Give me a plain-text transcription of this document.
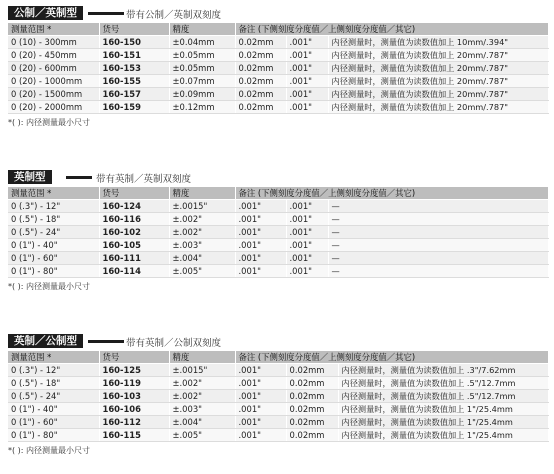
公制／英制型	带有公制／英制双刻度
测量范围 *	货号	精度	备注 (下侧刻度分度值／上侧刻度分度值／其它)		
0 (10) - 300mm	160-150	±0.04mm	0.02mm	.001"	内径测量时，测量值为读数值加上 10mm/.394"
0 (20) - 450mm	160-151	±0.05mm	0.02mm	.001"	内径测量时，测量值为读数值加上 20mm/.787"
0 (20) - 600mm	160-153	±0.05mm	0.02mm	.001"	内径测量时，测量值为读数值加上 20mm/.787"
0 (20) - 1000mm	160-155	±0.07mm	0.02mm	.001"	内径测量时，测量值为读数值加上 20mm/.787"
0 (20) - 1500mm	160-157	±0.09mm	0.02mm	.001"	内径测量时，测量值为读数值加上 20mm/.787"
0 (20) - 2000mm	160-159	±0.12mm	0.02mm	.001"	内径测量时，测量值为读数值加上 20mm/.787"
*( ): 内径测量最小尺寸
英制型	带有英制／英制双刻度
测量范围 *	货号	精度	备注 (下侧刻度分度值／上侧刻度分度值／其它)		
0 (.3") - 12"	160-124	±.0015"	.001"	.001"	—
0 (.5") - 18"	160-116	±.002"	.001"	.001"	—
0 (.5") - 24"	160-102	±.002"	.001"	.001"	—
0 (1") - 40"	160-105	±.003"	.001"	.001"	—
0 (1") - 60"	160-111	±.004"	.001"	.001"	—
0 (1") - 80"	160-114	±.005"	.001"	.001"	—
*( ): 内径测量最小尺寸
英制／公制型	带有英制／公制双刻度
测量范围 *	货号	精度	备注 (下侧刻度分度值／上侧刻度分度值／其它)		
0 (.3") - 12"	160-125	±.0015"	.001"	0.02mm	内径测量时，测量值为读数值加上 .3"/7.62mm
0 (.5") - 18"	160-119	±.002"	.001"	0.02mm	内径测量时，测量值为读数值加上 .5"/12.7mm
0 (.5") - 24"	160-103	±.002"	.001"	0.02mm	内径测量时，测量值为读数值加上 .5"/12.7mm
0 (1") - 40"	160-106	±.003"	.001"	0.02mm	内径测量时，测量值为读数值加上 1"/25.4mm
0 (1") - 60"	160-112	±.004"	.001"	0.02mm	内径测量时，测量值为读数值加上 1"/25.4mm
0 (1") - 80"	160-115	±.005"	.001"	0.02mm	内径测量时，测量值为读数值加上 1"/25.4mm
*( ): 内径测量最小尺寸
